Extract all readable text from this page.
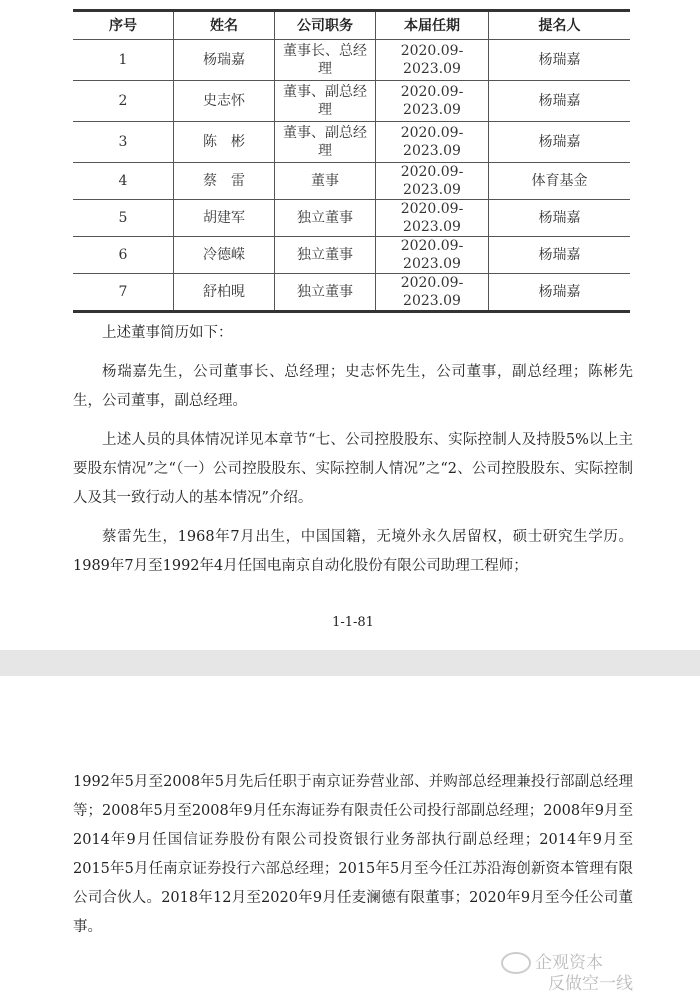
序号	姓名	公司职务	本届任期	提名人
1	杨瑞嘉	董事长、总经理	2020.09-2023.09	杨瑞嘉
2	史志怀	董事、副总经理	2020.09-2023.09	杨瑞嘉
3	陈　彬	董事、副总经理	2020.09-2023.09	杨瑞嘉
4	蔡　雷	董事	2020.09-2023.09	体育基金
5	胡建军	独立董事	2020.09-2023.09	杨瑞嘉
6	冷德嵘	独立董事	2020.09-2023.09	杨瑞嘉
7	舒柏晛	独立董事	2020.09-2023.09	杨瑞嘉

上述董事简历如下：

杨瑞嘉先生，公司董事长、总经理；史志怀先生，公司董事，副总经理；陈彬先生，公司董事，副总经理。

上述人员的具体情况详见本章节“七、公司控股股东、实际控制人及持股5%以上主要股东情况”之“（一）公司控股股东、实际控制人情况”之“2、公司控股股东、实际控制人及其一致行动人的基本情况”介绍。

蔡雷先生，1968年7月出生，中国国籍，无境外永久居留权，硕士研究生学历。1989年7月至1992年4月任国电南京自动化股份有限公司助理工程师；

1-1-81

1992年5月至2008年5月先后任职于南京证券营业部、并购部总经理兼投行部副总经理等；2008年5月至2008年9月任东海证券有限责任公司投行部副总经理；2008年9月至2014年9月任国信证券股份有限公司投资银行业务部执行副总经理；2014年9月至2015年5月任南京证券投行六部总经理；2015年5月至今任江苏沿海创新资本管理有限公司合伙人。2018年12月至2020年9月任麦澜德有限董事；2020年9月至今任公司董事。

企观资本
反做空一线
